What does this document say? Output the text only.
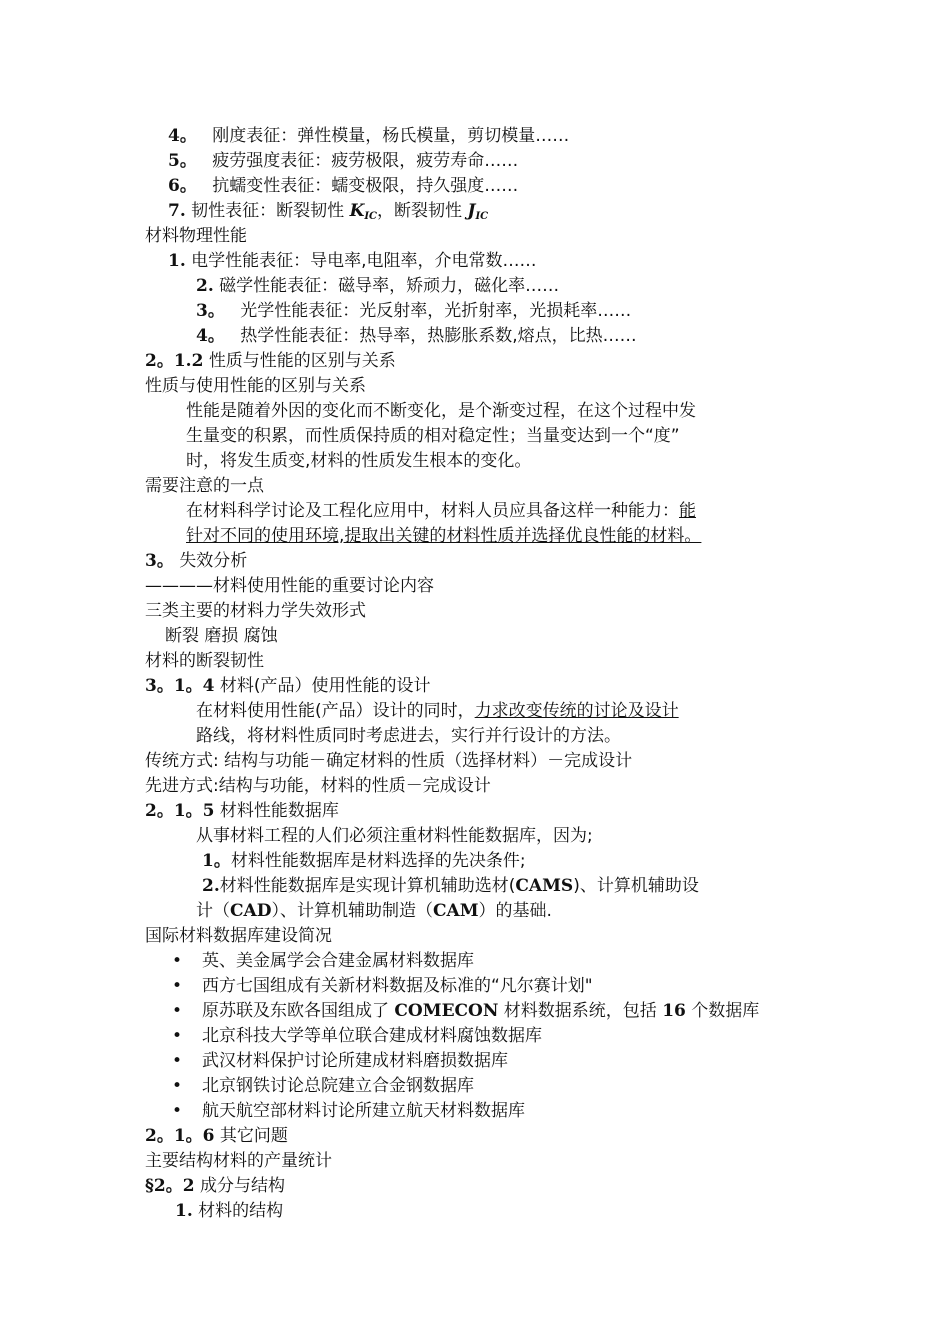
4。 刚度表征：弹性模量，杨氏模量，剪切模量……
5。 疲劳强度表征：疲劳极限，疲劳寿命……
6。 抗蠕变性表征：蠕变极限，持久强度……
7. 韧性表征：断裂韧性 $K_{IC}$，断裂韧性 $J_{IC}$
材料物理性能
1. 电学性能表征：导电率,电阻率，介电常数……
2. 磁学性能表征：磁导率，矫顽力，磁化率……
3。 光学性能表征：光反射率，光折射率，光损耗率……
4。 热学性能表征：热导率，热膨胀系数,熔点，比热……
2。1.2 性质与性能的区别与关系
性质与使用性能的区别与关系
性能是随着外因的变化而不断变化，是个渐变过程，在这个过程中发
生量变的积累，而性质保持质的相对稳定性；当量变达到一个“度”
时，将发生质变,材料的性质发生根本的变化。
需要注意的一点
在材料科学讨论及工程化应用中，材料人员应具备这样一种能力：能
针对不同的使用环境,提取出关键的材料性质并选择优良性能的材料。
3。 失效分析
————材料使用性能的重要讨论内容
三类主要的材料力学失效形式
断裂 磨损 腐蚀
材料的断裂韧性
3。1。4 材料(产品）使用性能的设计
在材料使用性能(产品）设计的同时，力求改变传统的讨论及设计
路线，将材料性质同时考虑进去，实行并行设计的方法。
传统方式: 结构与功能－确定材料的性质（选择材料）－完成设计
先进方式:结构与功能，材料的性质－完成设计
2。1。5 材料性能数据库
从事材料工程的人们必须注重材料性能数据库，因为;
1。材料性能数据库是材料选择的先决条件;
2.材料性能数据库是实现计算机辅助选材(CAMS)、计算机辅助设
计（CAD）、计算机辅助制造（CAM）的基础.
国际材料数据库建设简况
• 英、美金属学会合建金属材料数据库
• 西方七国组成有关新材料数据及标准的“凡尔赛计划"
• 原苏联及东欧各国组成了 COMECON 材料数据系统，包括 16 个数据库
• 北京科技大学等单位联合建成材料腐蚀数据库
• 武汉材料保护讨论所建成材料磨损数据库
• 北京钢铁讨论总院建立合金钢数据库
• 航天航空部材料讨论所建立航天材料数据库
2。1。6 其它问题
主要结构材料的产量统计
§2。2 成分与结构
1. 材料的结构
